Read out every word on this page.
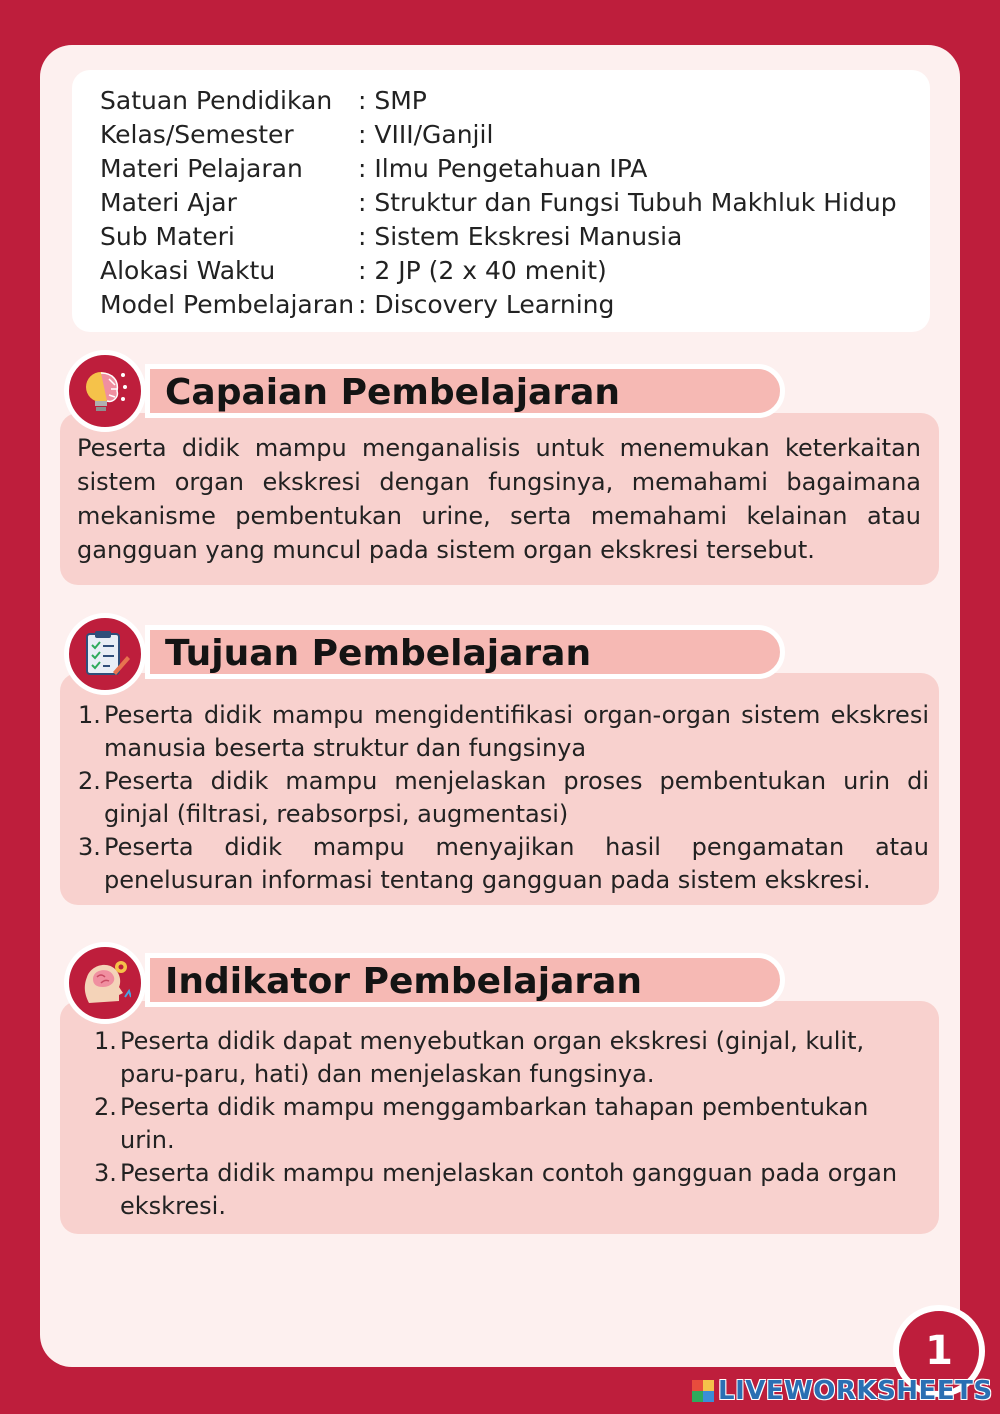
Satuan Pendidikan	: SMP
Kelas/Semester	: VIII/Ganjil
Materi Pelajaran	: Ilmu Pengetahuan IPA
Materi Ajar	: Struktur dan Fungsi Tubuh Makhluk Hidup
Sub Materi	: Sistem Ekskresi Manusia
Alokasi Waktu	: 2 JP (2 x 40 menit)
Model Pembelajaran	: Discovery Learning
Capaian Pembelajaran

Peserta didik mampu menganalisis untuk menemukan keterkaitan sistem organ ekskresi dengan fungsinya, memahami bagaimana mekanisme pembentukan urine, serta memahami kelainan atau gangguan yang muncul pada sistem organ ekskresi tersebut.

Tujuan Pembelajaran
1. Peserta didik mampu mengidentifikasi organ-organ sistem ekskresi manusia beserta struktur dan fungsinya
2. Peserta didik mampu menjelaskan proses pembentukan urin di ginjal (filtrasi, reabsorpsi, augmentasi)
3. Peserta didik mampu menyajikan hasil pengamatan atau penelusuran informasi tentang gangguan pada sistem ekskresi.
Indikator Pembelajaran
1. Peserta didik dapat menyebutkan organ ekskresi (ginjal, kulit, paru-paru, hati) dan menjelaskan fungsinya.
2. Peserta didik mampu menggambarkan tahapan pembentukan urin.
3. Peserta didik mampu menjelaskan contoh gangguan pada organ ekskresi.
1
LIVEWORKSHEETS
